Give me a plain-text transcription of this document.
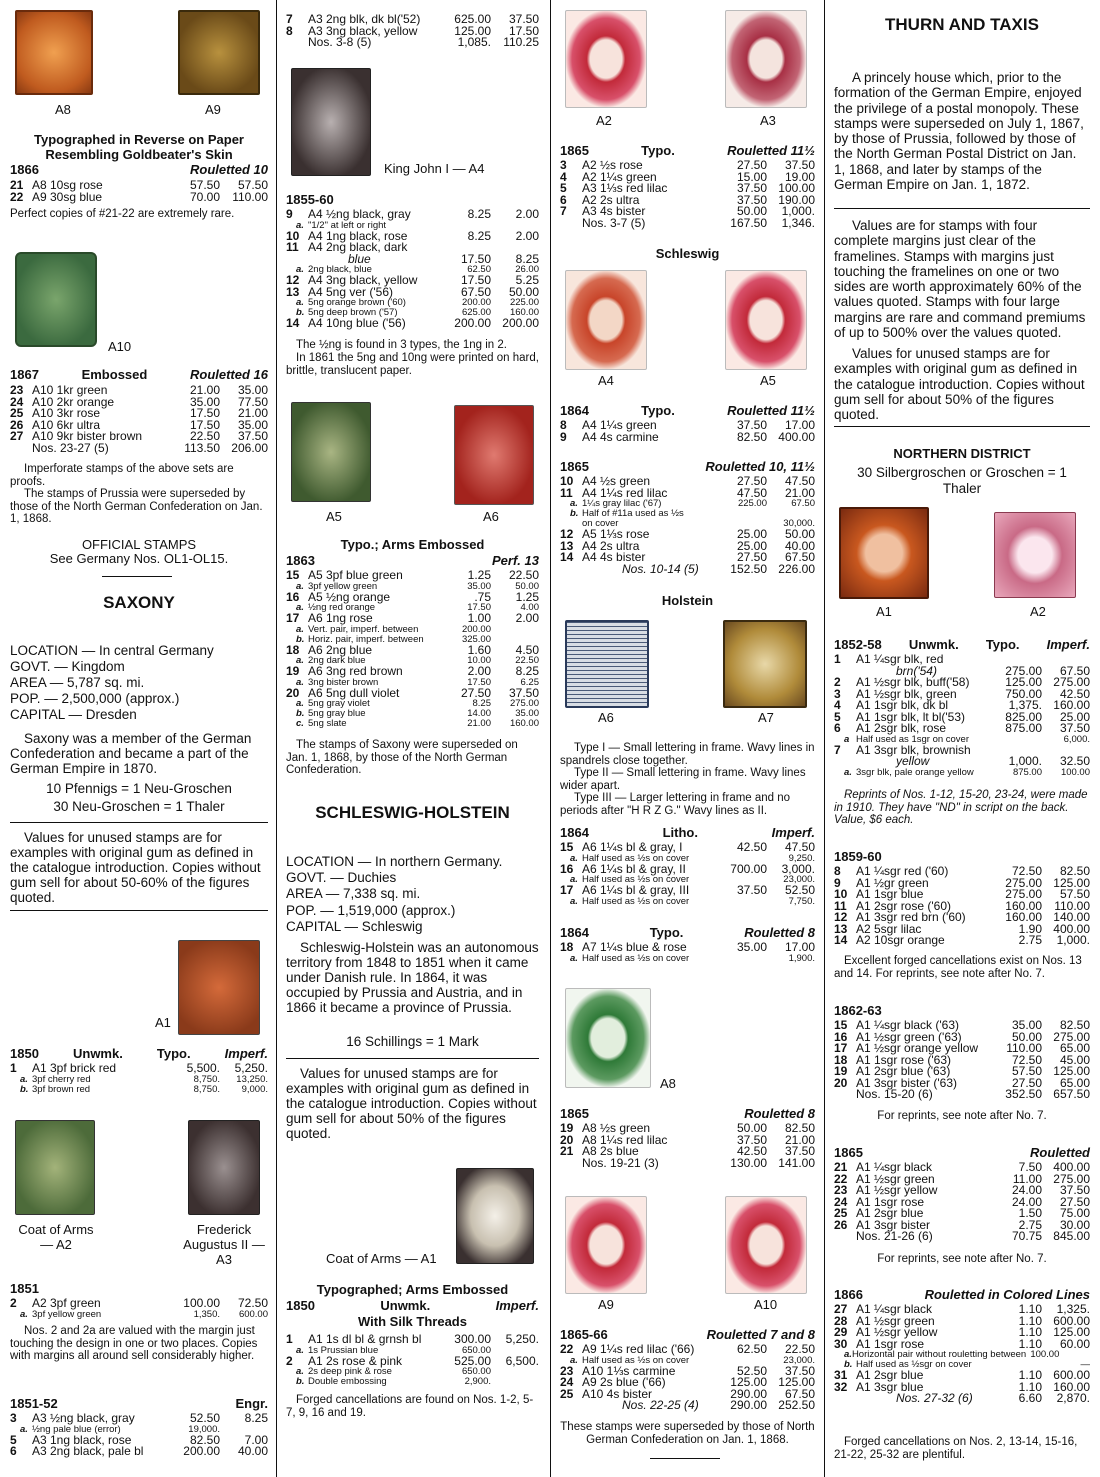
A8	A9
Typographed in Reverse on Paper Resembling Goldbeater's Skin
1866	Rouletted 10
21 A8 10sg rose	57.50	57.50
22 A9 30sg blue	70.00	110.00
Perfect copies of #21-22 are extremely rare.
A10
1867	Embossed	Rouletted 16
23 A10 1kr green	21.00	35.00
24 A10 2kr orange	35.00	77.50
25 A10 3kr rose	17.50	21.00
26 A10 6kr ultra	17.50	35.00
27 A10 9kr bister brown	22.50	37.50
Nos. 23-27 (5)	113.50 206.00
Imperforate stamps of the above sets are proofs.
The stamps of Prussia were superseded by those of the North German Confederation on Jan. 1, 1868.
OFFICIAL STAMPS
See Germany Nos. OL1-OL15.
SAXONY
LOCATION — In central Germany
GOVT. — Kingdom
AREA — 5,787 sq. mi.
POP. — 2,500,000 (approx.)
CAPITAL — Dresden
Saxony was a member of the German Confederation and became a part of the German Empire in 1870.
10 Pfennigs = 1 Neu-Groschen
30 Neu-Groschen = 1 Thaler
Values for unused stamps are for examples with original gum as defined in the catalogue introduction. Copies without gum sell for about 50-60% of the figures quoted.
A1
1850	Unwmk.	Typo.	Imperf.
1	A1 3pf brick red	5,500.	5,250.
a. 3pf cherry red	8,750.	13,250.
b. 3pf brown red	8,750.	9,000.
Coat of Arms — A2
Frederick Augustus II — A3
1851
2	A2 3pf green	100.00	72.50
a. 3pf yellow green	1,350.	600.00
Nos. 2 and 2a are valued with the margin just touching the design in one or two places. Copies with margins all around sell considerably higher.
1851-52	Engr.
3	A3 ½ng black, gray	52.50	8.25
a. ½ng pale blue (error)	19,000.
5	A3 1ng black, rose	82.50	7.00
6	A3 2ng black, pale bl	200.00	40.00
7	A3 2ng blk, dk bl('52)	625.00	37.50
8	A3 3ng black, yellow	125.00	17.50
Nos. 3-8 (5)	1,085.	110.25
King John I — A4
1855-60
9	A4 ½ng black, gray	8.25	2.00
a. "1/2" at left or right
10 A4 1ng black, rose	8.25	2.00
11 A4 2ng black, dark
blue	17.50	8.25
a. 2ng black, blue	62.50	26.00
12 A4 3ng black, yellow	17.50	5.25
13 A4 5ng ver ('56)	67.50	50.00
a. 5ng orange brown ('60)	200.00	225.00
b. 5ng deep brown ('57)	625.00	160.00
14 A4 10ng blue ('56)	200.00 200.00
The ½ng is found in 3 types, the 1ng in 2.
In 1861 the 5ng and 10ng were printed on hard, brittle, translucent paper.
A5	A6
Typo.; Arms Embossed
1863	Perf. 13
15 A5 3pf blue green	1.25	22.50
a. 3pf yellow green	35.00	50.00
16 A5 ½ng orange	.75	1.25
a. ½ng red orange	17.50	4.00
17 A6 1ng rose	1.00	2.00
a. Vert. pair, imperf. between	200.00
b. Horiz. pair, imperf. between	325.00
18 A6 2ng blue	1.60	4.50
a. 2ng dark blue	10.00	22.50
19 A6 3ng red brown	2.00	8.25
a. 3ng bister brown	17.50	6.25
20 A6 5ng dull violet	27.50	37.50
a. 5ng gray violet	8.25	275.00
b. 5ng gray blue	14.00	35.00
c. 5ng slate	21.00	160.00
The stamps of Saxony were superseded on Jan. 1, 1868, by those of the North German Confederation.
SCHLESWIG-HOLSTEIN
LOCATION — In northern Germany.
GOVT. — Duchies
AREA — 7,338 sq. mi.
POP. — 1,519,000 (approx.)
CAPITAL — Schleswig
Schleswig-Holstein was an autonomous territory from 1848 to 1851 when it came under Danish rule. In 1864, it was occupied by Prussia and Austria, and in 1866 it became a province of Prussia.
16 Schillings = 1 Mark
Values for unused stamps are for examples with original gum as defined in the catalogue introduction. Copies without gum sell for about 50% of the figures quoted.
Coat of Arms — A1
Typographed; Arms Embossed
1850	Unwmk.	Imperf.
With Silk Threads
1	A1 1s dl bl & grnsh bl	300.00	5,250.
a. 1s Prussian blue	650.00
2	A1 2s rose & pink	525.00	6,500.
a. 2s deep pink & rose	650.00
b. Double embossing	2,900.
Forged cancellations are found on Nos. 1-2, 5-7, 9, 16 and 19.
A2	A3
1865	Typo.	Rouletted 11½
3	A2 ½s rose	27.50	37.50
4	A2 1¼s green	15.00	19.00
5	A3 1⅓s red lilac	37.50 100.00
6	A2 2s ultra	37.50 190.00
7	A3 4s bister	50.00	1,000.
Nos. 3-7 (5)	167.50	1,346.
Schleswig
A4	A5
1864	Typo.	Rouletted 11½
8	A4 1¼s green	37.50	17.00
9	A4 4s carmine	82.50 400.00
1865	Rouletted 10, 11½
10 A4 ½s green	27.50	47.50
11 A4 1¼s red lilac	47.50	21.00
a. 1¼s gray lilac ('67)	225.00	67.50
b. Half of #11a used as ½s
on cover	30,000.
12 A5 1⅓s rose	25.00	50.00
13 A4 2s ultra	25.00	40.00
14 A4 4s bister	27.50	67.50
Nos. 10-14 (5)	152.50 226.00
Holstein
A6	A7
Type I — Small lettering in frame. Wavy lines in spandrels close together.
Type II — Small lettering in frame. Wavy lines wider apart.
Type III — Larger lettering in frame and no periods after "H R Z G." Wavy lines as II.
1864	Litho.	Imperf.
15 A6 1¼s bl & gray, I	42.50	47.50
a. Half used as ½s on cover	9,250.
16 A6 1¼s bl & gray, II	700.00	3,000.
a. Half used as ½s on cover	23,000.
17 A6 1¼s bl & gray, III	37.50	52.50
a. Half used as ½s on cover	7,750.
1864	Typo.	Rouletted 8
18 A7 1¼s blue & rose	35.00	17.00
a. Half used as ½s on cover	1,900.
A8
1865	Rouletted 8
19 A8 ½s green	50.00	82.50
20 A8 1¼s red lilac	37.50	21.00
21 A8 2s blue	42.50	37.50
Nos. 19-21 (3)	130.00 141.00
A9	A10
1865-66	Rouletted 7 and 8
22 A9 1¼s red lilac ('66)	62.50	22.50
a. Half used as ½s on cover	23,000.
23 A10 1⅓s carmine	52.50	37.50
24 A9 2s blue ('66)	125.00 125.00
25 A10 4s bister	290.00	67.50
Nos. 22-25 (4)	290.00 252.50
These stamps were superseded by those of North German Confederation on Jan. 1, 1868.
THURN AND TAXIS
A princely house which, prior to the formation of the German Empire, enjoyed the privilege of a postal monopoly. These stamps were superseded on July 1, 1867, by those of Prussia, followed by those of the North German Postal District on Jan. 1, 1868, and later by stamps of the German Empire on Jan. 1, 1872.
Values are for stamps with four complete margins just clear of the framelines. Stamps with margins just touching the framelines on one or two sides are worth approximately 60% of the values quoted. Stamps with four large margins are rare and command premiums of up to 500% over the values quoted.
Values for unused stamps are for examples with original gum as defined in the catalogue introduction. Copies without gum sell for about 50% of the figures quoted.
NORTHERN DISTRICT
30 Silbergroschen or Groschen = 1 Thaler
A1	A2
1852-58 Unwmk. Typo. Imperf.
1	A1 ¼sgr blk, red
brn('54)	275.00	67.50
2	A1 ½sgr blk, buff('58)	125.00 275.00
3	A1 ½sgr blk, green	750.00	42.50
4	A1 1sgr blk, dk bl	1,375. 160.00
5	A1 1sgr blk, lt bl('53)	825.00	25.00
6	A1 2sgr blk, rose	875.00	37.50
a Half used as 1sgr on cover	6,000.
7	A1 3sgr blk, brownish
yellow	1,000.	32.50
a. 3sgr blk, pale orange yellow	875.00	100.00
Reprints of Nos. 1-12, 15-20, 23-24, were made in 1910. They have "ND" in script on the back. Value, $6 each.
1859-60
8	A1 ¼sgr red ('60)	72.50	82.50
9	A1 ½gr green	275.00 125.00
10 A1 1sgr blue	275.00	57.50
11 A1 2sgr rose ('60)	160.00	110.00
12 A1 3sgr red brn ('60)	160.00 140.00
13 A2 5sgr lilac	1.90 400.00
14 A2 10sgr orange	2.75	1,000.
Excellent forged cancellations exist on Nos. 13 and 14. For reprints, see note after No. 7.
1862-63
15 A1 ¼sgr black ('63)	35.00	82.50
16 A1 ½sgr green ('63)	50.00 275.00
17 A1 ½sgr orange yellow	110.00	65.00
18 A1 1sgr rose ('63)	72.50	45.00
19 A1 2sgr blue ('63)	57.50 125.00
20 A1 3sgr bister ('63)	27.50	65.00
Nos. 15-20 (6)	352.50 657.50
For reprints, see note after No. 7.
1865	Rouletted
21 A1 ¼sgr black	7.50 400.00
22 A1 ½sgr green	11.00 275.00
23 A1 ½sgr yellow	24.00	37.50
24 A1 1sgr rose	24.00	27.50
25 A1 2sgr blue	1.50	75.00
26 A1 3sgr bister	2.75	30.00
Nos. 21-26 (6)	70.75 845.00
For reprints, see note after No. 7.
1866	Rouletted in Colored Lines
27 A1 ¼sgr black	1.10	1,325.
28 A1 ½sgr green	1.10 600.00
29 A1 ½sgr yellow	1.10 125.00
30 A1 1sgr rose	1.10	60.00
a. Horizontal pair without rouletting between 100.00
b. Half used as ½sgr on cover	—
31 A1 2sgr blue	1.10 600.00
32 A1 3sgr blue	1.10 160.00
Nos. 27-32 (6)	6.60	2,870.
Forged cancellations on Nos. 2, 13-14, 15-16, 21-22, 25-32 are plentiful.
